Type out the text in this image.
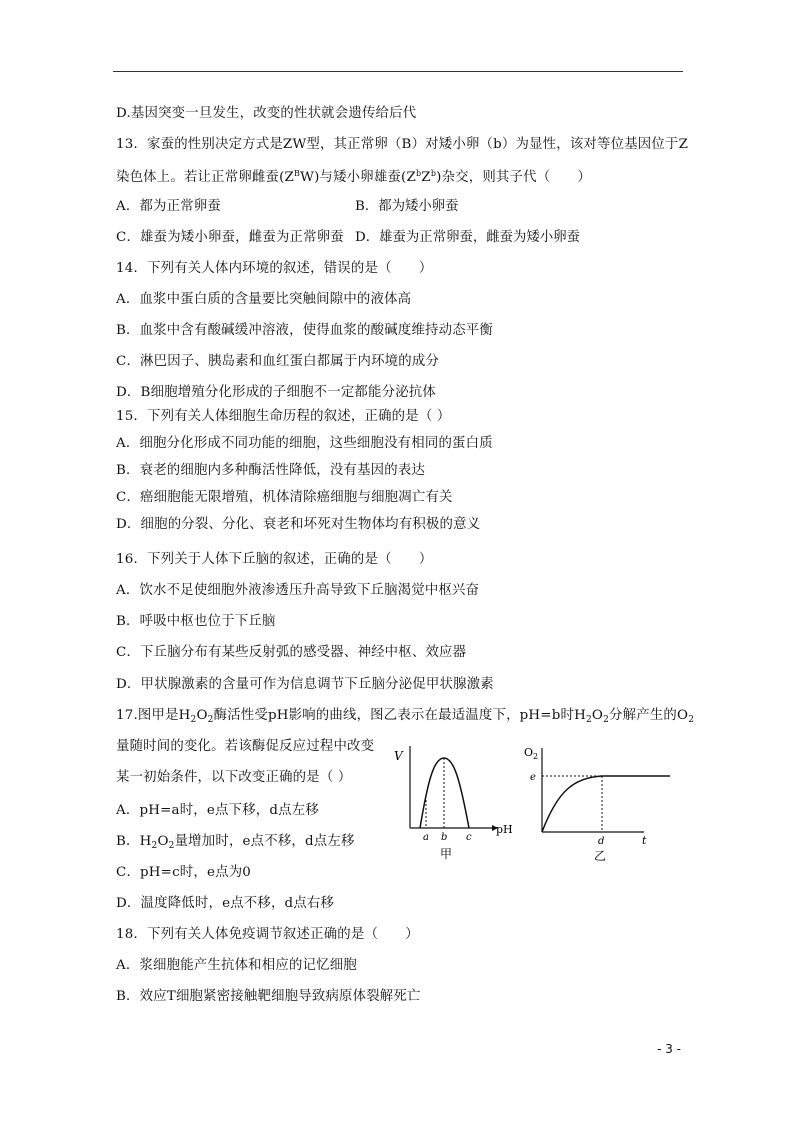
D.基因突变一旦发生，改变的性状就会遗传给后代
13．家蚕的性别决定方式是ZW型，其正常卵（B）对矮小卵（b）为显性，该对等位基因位于Z
染色体上。若让正常卵雌蚕$(Z^BW)$与矮小卵雄蚕$(Z^bZ^b)$杂交，则其子代（　　）
A．都为正常卵蚕	B．都为矮小卵蚕
C．雄蚕为矮小卵蚕，雌蚕为正常卵蚕 D．雄蚕为正常卵蚕，雌蚕为矮小卵蚕
14．下列有关人体内环境的叙述，错误的是（　　）
A．血浆中蛋白质的含量要比突触间隙中的液体高
B．血浆中含有酸碱缓冲溶液，使得血浆的酸碱度维持动态平衡
C．淋巴因子、胰岛素和血红蛋白都属于内环境的成分
D．B细胞增殖分化形成的子细胞不一定都能分泌抗体
15．下列有关人体细胞生命历程的叙述，正确的是（ ）
A．细胞分化形成不同功能的细胞，这些细胞没有相同的蛋白质
B．衰老的细胞内多种酶活性降低，没有基因的表达
C．癌细胞能无限增殖，机体清除癌细胞与细胞凋亡有关
D．细胞的分裂、分化、衰老和坏死对生物体均有积极的意义
16．下列关于人体下丘脑的叙述，正确的是（　　）
A．饮水不足使细胞外液渗透压升高导致下丘脑渴觉中枢兴奋
B．呼吸中枢也位于下丘脑
C．下丘脑分布有某些反射弧的感受器、神经中枢、效应器
D．甲状腺激素的含量可作为信息调节下丘脑分泌促甲状腺激素
17.图甲是$H_2O_2$酶活性受pH影响的曲线，图乙表示在最适温度下，pH=b时$H_2O_2$分解产生的$O_2$
量随时间的变化。若该酶促反应过程中改变
某一初始条件，以下改变正确的是（ ）
A．pH=a时，e点下移，d点左移
B．$H_2O_2$量增加时，e点不移，d点左移
C．pH=c时，e点为0
D．温度降低时，e点不移，d点右移
V
pH
a b c
甲
$O_2$
e
d	t
乙
18．下列有关人体免疫调节叙述正确的是（　　）
A．浆细胞能产生抗体和相应的记忆细胞
B．效应T细胞紧密接触靶细胞导致病原体裂解死亡
- 3 -
